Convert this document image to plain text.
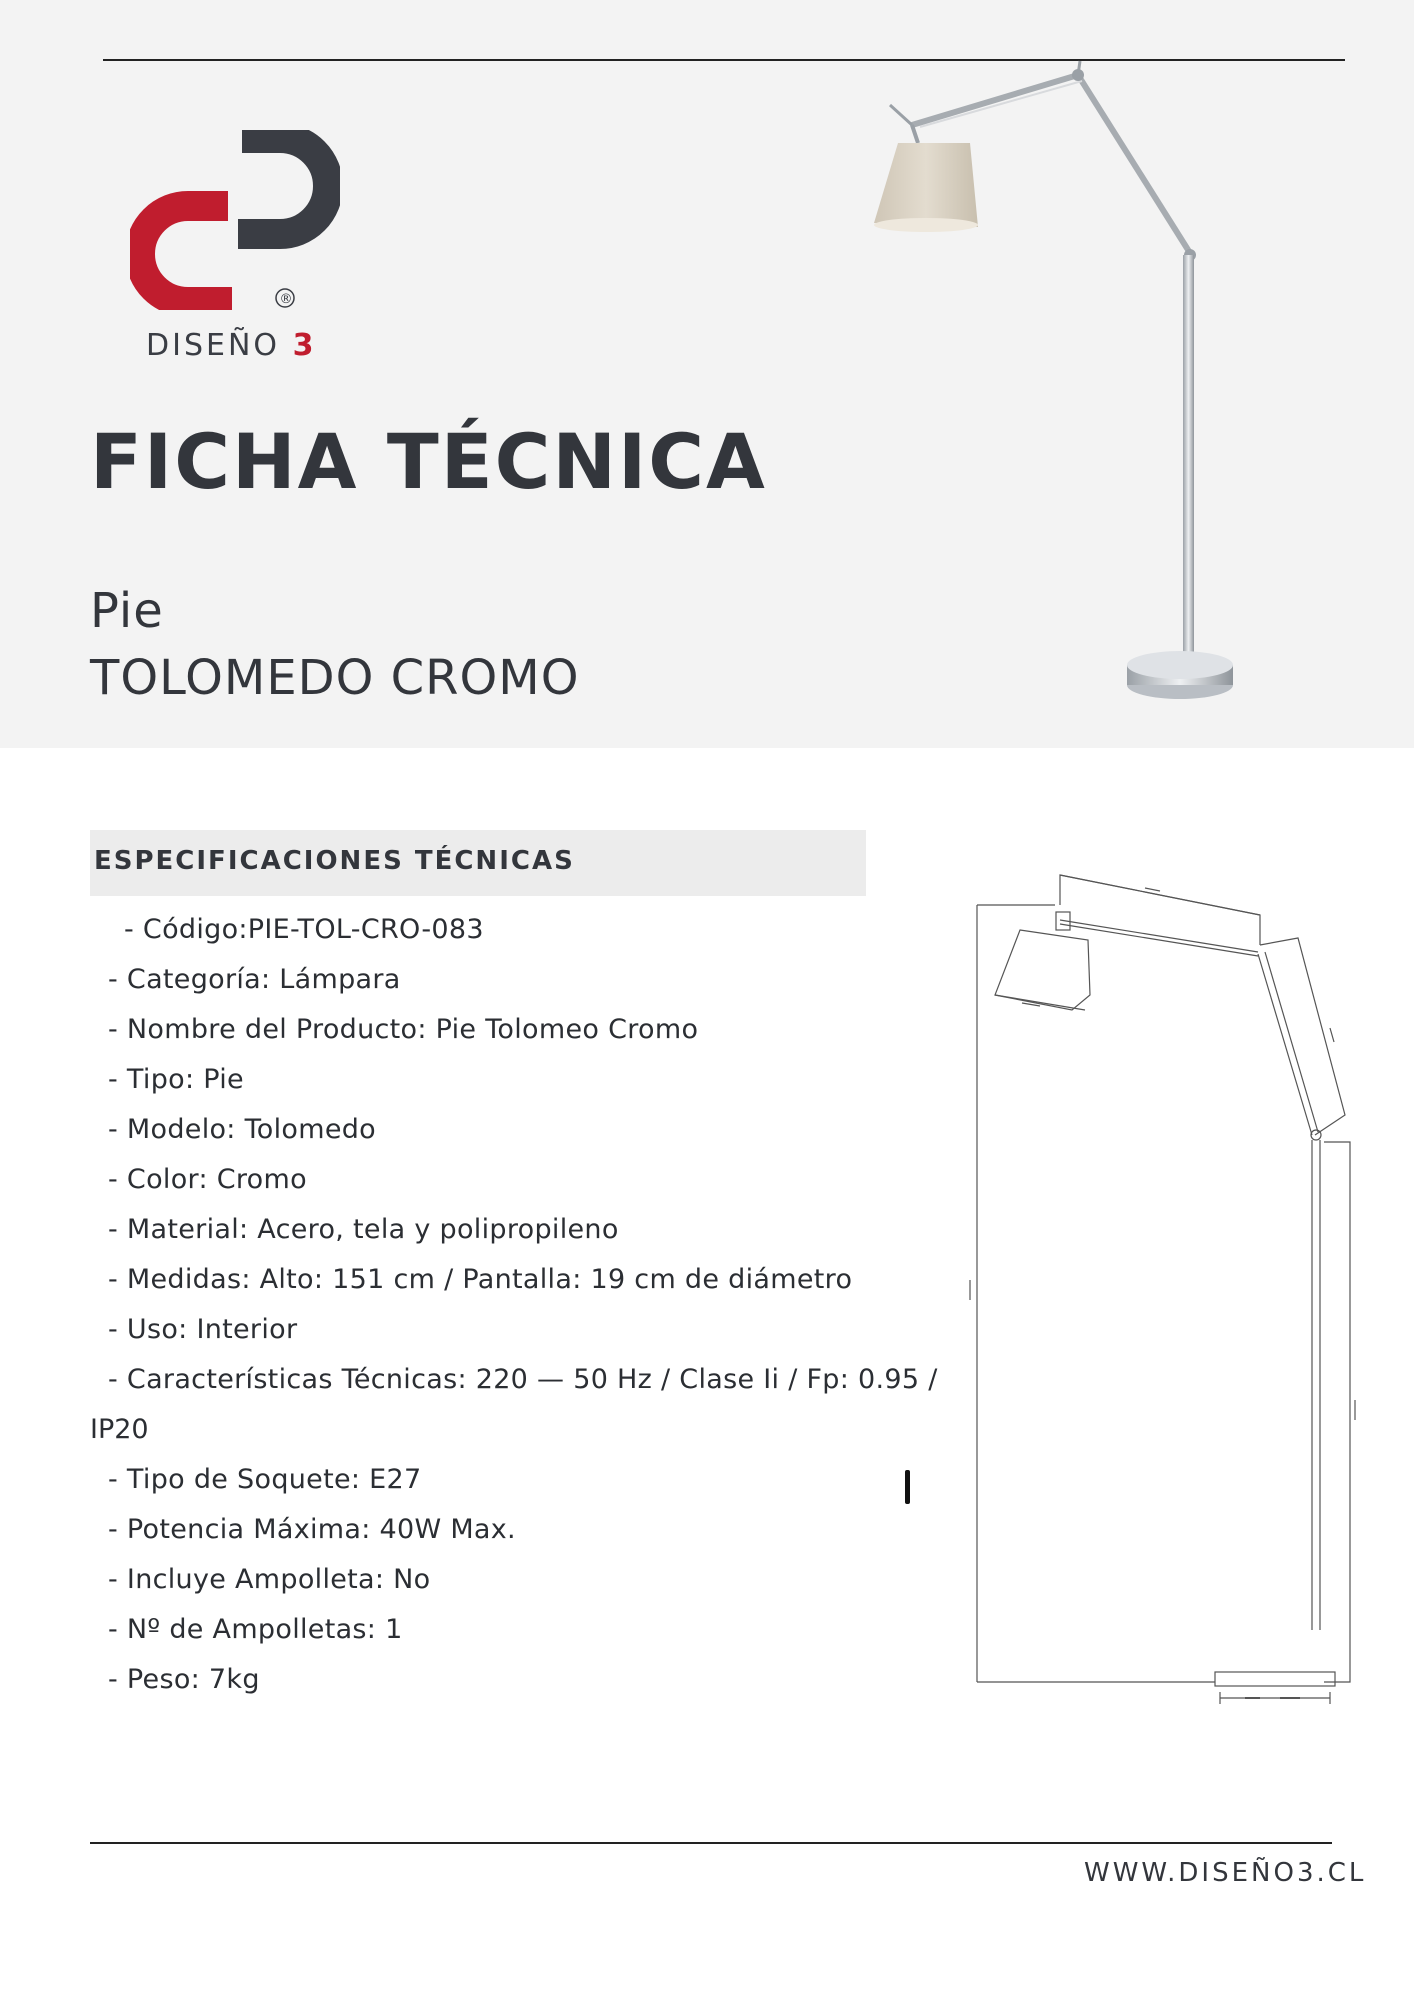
®
DISEÑO 3
FICHA TÉCNICA
Pie
TOLOMEDO CROMO
ESPECIFICACIONES TÉCNICAS
- Código:PIE-TOL-CRO-083
- Categoría: Lámpara
- Nombre del Producto: Pie Tolomeo Cromo
- Tipo: Pie
- Modelo: Tolomedo
- Color: Cromo
- Material: Acero, tela y polipropileno
- Medidas: Alto: 151 cm / Pantalla: 19 cm de diámetro
- Uso: Interior
- Características Técnicas: 220 — 50 Hz / Clase Ii / Fp: 0.95 /
IP20
- Tipo de Soquete: E27
- Potencia Máxima: 40W Max.
- Incluye Ampolleta: No
- Nº de Ampolletas: 1
- Peso: 7kg
WWW.DISEÑO3.CL
